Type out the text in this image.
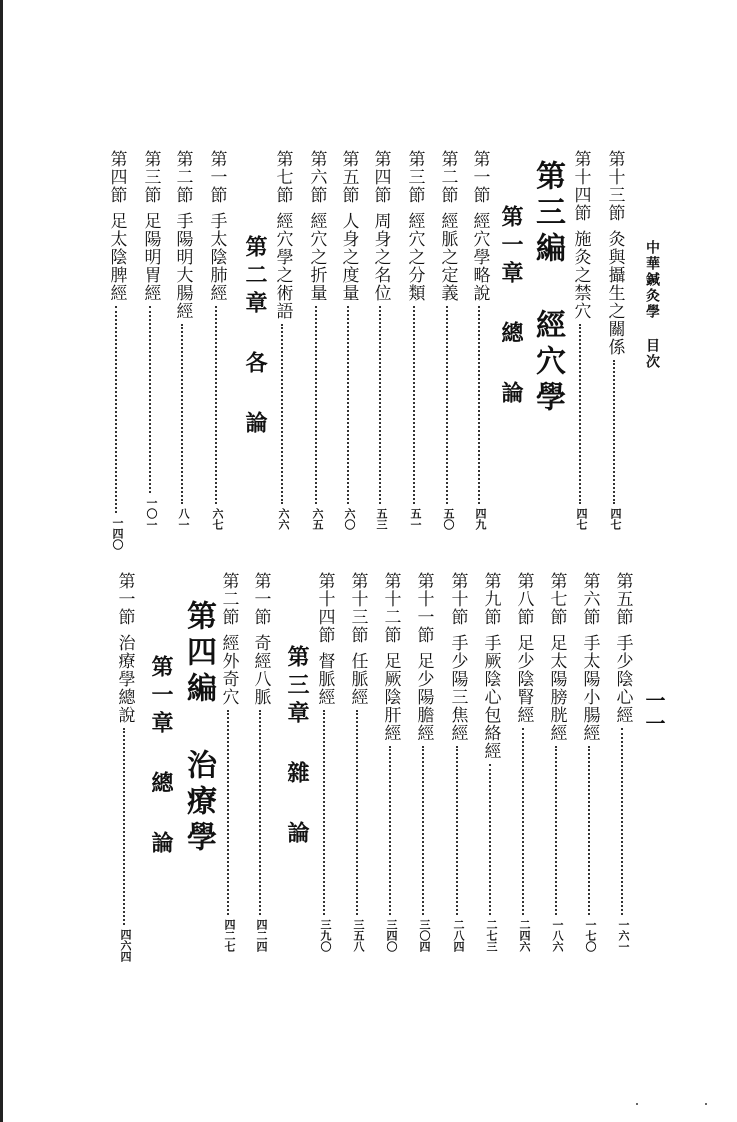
中華鍼灸學 目次
一一
第十三節
灸與攝生之關係
四七
第十四節
施灸之禁穴
四七
第三編 經穴學
第一章 總 論
第一節
經穴學略說
四九
第二節
經脈之定義
五〇
第三節
經穴之分類
五一
第四節
周身之名位
五三
第五節
人身之度量
六〇
第六節
經穴之折量
六五
第七節
經穴學之術語
六六
第二章 各 論
第一節
手太陰肺經
六七
第二節
手陽明大腸經
八一
第三節
足陽明胃經
一〇一
第四節
足太陰脾經
一四〇
第五節
手少陰心經
一六一
第六節
手太陽小腸經
一七〇
第七節
足太陽膀胱經
一八六
第八節
足少陰腎經
二四六
第九節
手厥陰心包絡經
二七三
第十節
手少陽三焦經
二八四
第十一節
足少陽膽經
三〇四
第十二節
足厥陰肝經
三四〇
第十三節
任脈經
三五八
第十四節
督脈經
三九〇
第三章 雜 論
第一節
奇經八脈
四二四
第二節
經外奇穴
四二七
第四編 治療學
第一章 總 論
第一節
治療學總說
四六四
